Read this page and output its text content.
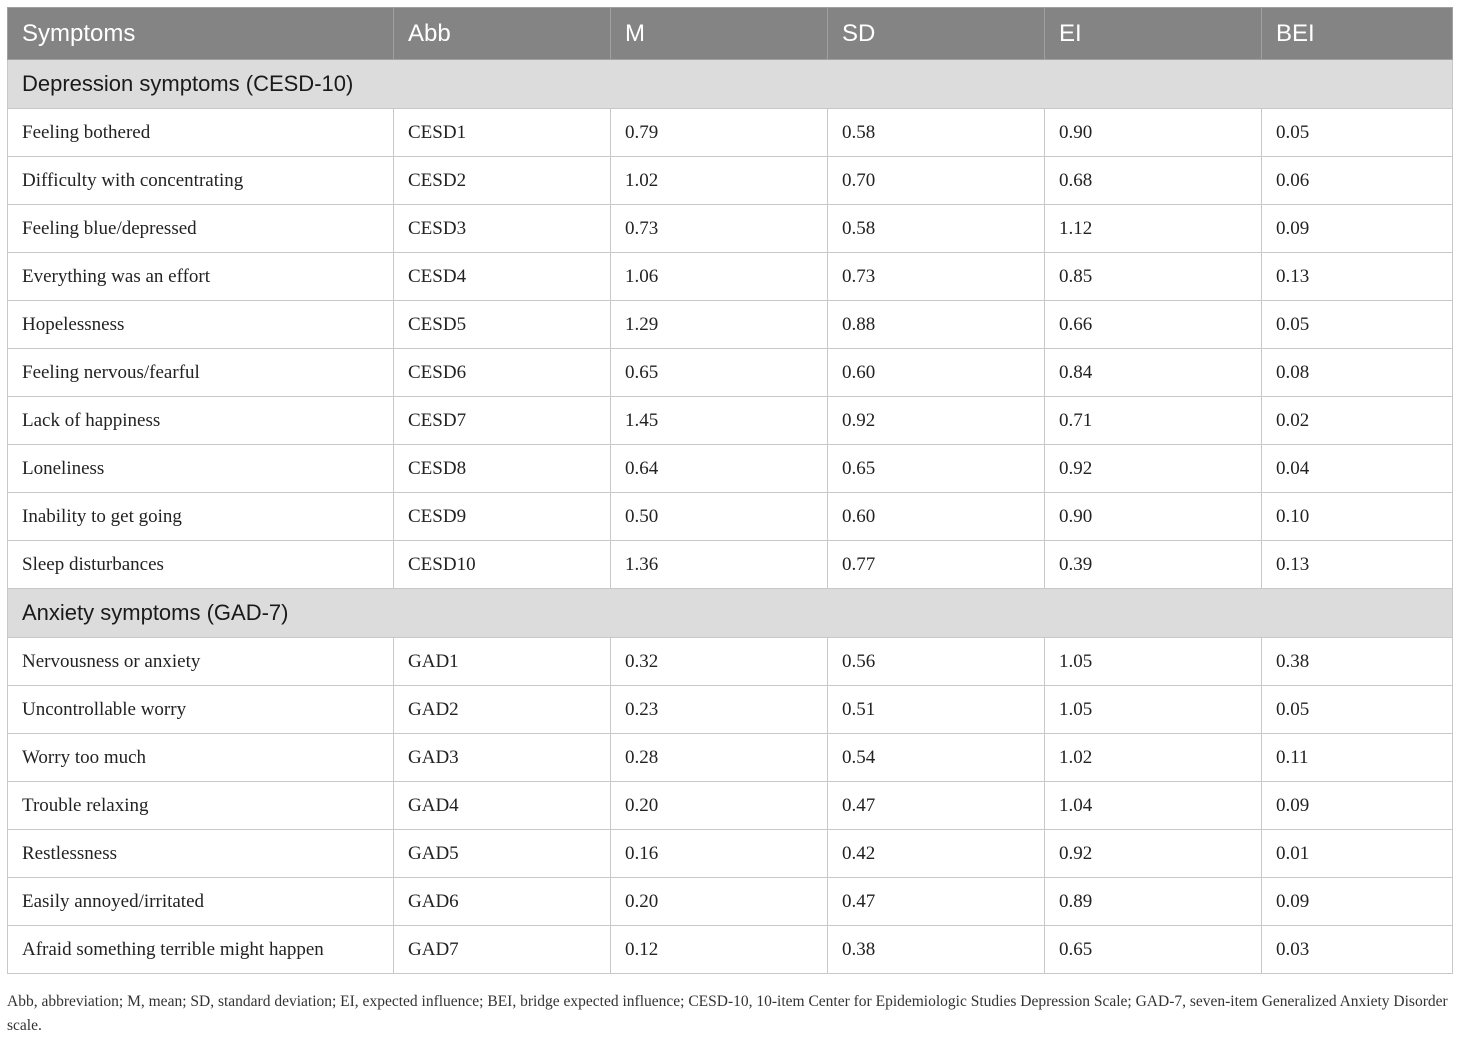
Symptoms	Abb	M	SD	EI	BEI
Depression symptoms (CESD-10)					
Feeling bothered	CESD1	0.79	0.58	0.90	0.05
Difficulty with concentrating	CESD2	1.02	0.70	0.68	0.06
Feeling blue/depressed	CESD3	0.73	0.58	1.12	0.09
Everything was an effort	CESD4	1.06	0.73	0.85	0.13
Hopelessness	CESD5	1.29	0.88	0.66	0.05
Feeling nervous/fearful	CESD6	0.65	0.60	0.84	0.08
Lack of happiness	CESD7	1.45	0.92	0.71	0.02
Loneliness	CESD8	0.64	0.65	0.92	0.04
Inability to get going	CESD9	0.50	0.60	0.90	0.10
Sleep disturbances	CESD10	1.36	0.77	0.39	0.13
Anxiety symptoms (GAD-7)					
Nervousness or anxiety	GAD1	0.32	0.56	1.05	0.38
Uncontrollable worry	GAD2	0.23	0.51	1.05	0.05
Worry too much	GAD3	0.28	0.54	1.02	0.11
Trouble relaxing	GAD4	0.20	0.47	1.04	0.09
Restlessness	GAD5	0.16	0.42	0.92	0.01
Easily annoyed/irritated	GAD6	0.20	0.47	0.89	0.09
Afraid something terrible might happen	GAD7	0.12	0.38	0.65	0.03
Abb, abbreviation; M, mean; SD, standard deviation; EI, expected influence; BEI, bridge expected influence; CESD-10, 10-item Center for Epidemiologic Studies Depression Scale; GAD-7, seven-item Generalized Anxiety Disorder scale.
